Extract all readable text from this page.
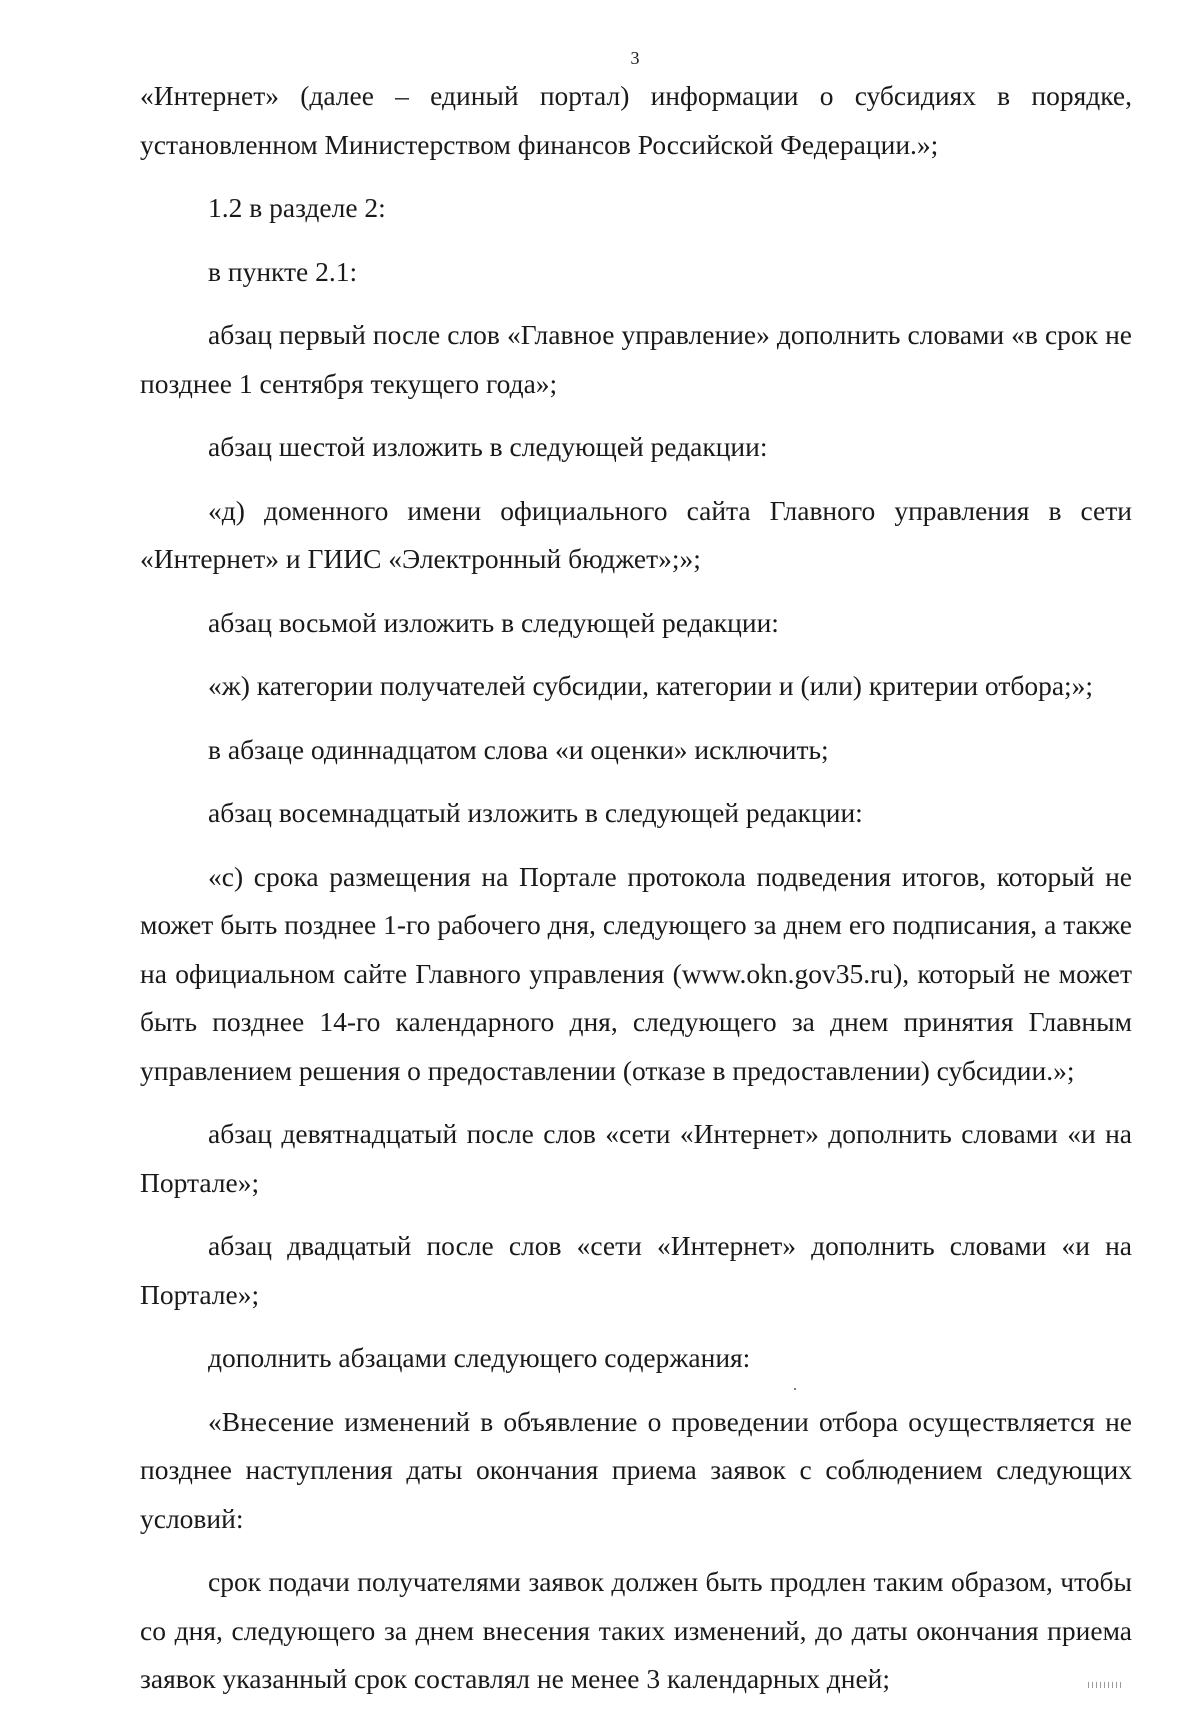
3

«Интернет» (далее – единый портал) информации о субсидиях в порядке, установленном Министерством финансов Российской Федерации.»;

1.2 в разделе 2:

в пункте 2.1:

абзац первый после слов «Главное управление» дополнить словами «в срок не позднее 1 сентября текущего года»;

абзац шестой изложить в следующей редакции:

«д) доменного имени официального сайта Главного управления в сети «Интернет» и ГИИС «Электронный бюджет»;»;

абзац восьмой изложить в следующей редакции:

«ж) категории получателей субсидии, категории и (или) критерии отбора;»;

в абзаце одиннадцатом слова «и оценки» исключить;

абзац восемнадцатый изложить в следующей редакции:

«с) срока размещения на Портале протокола подведения итогов, который не может быть позднее 1-го рабочего дня, следующего за днем его подписания, а также на официальном сайте Главного управления (www.okn.gov35.ru), который не может быть позднее 14-го календарного дня, следующего за днем принятия Главным управлением решения о предоставлении (отказе в предоставлении) субсидии.»;

абзац девятнадцатый после слов «сети «Интернет» дополнить словами «и на Портале»;

абзац двадцатый после слов «сети «Интернет» дополнить словами «и на Портале»;

дополнить абзацами следующего содержания:

«Внесение изменений в объявление о проведении отбора осуществляется не позднее наступления даты окончания приема заявок с соблюдением следующих условий:

срок подачи получателями заявок должен быть продлен таким образом, чтобы со дня, следующего за днем внесения таких изменений, до даты окончания приема заявок указанный срок составлял не менее 3 календарных дней;
